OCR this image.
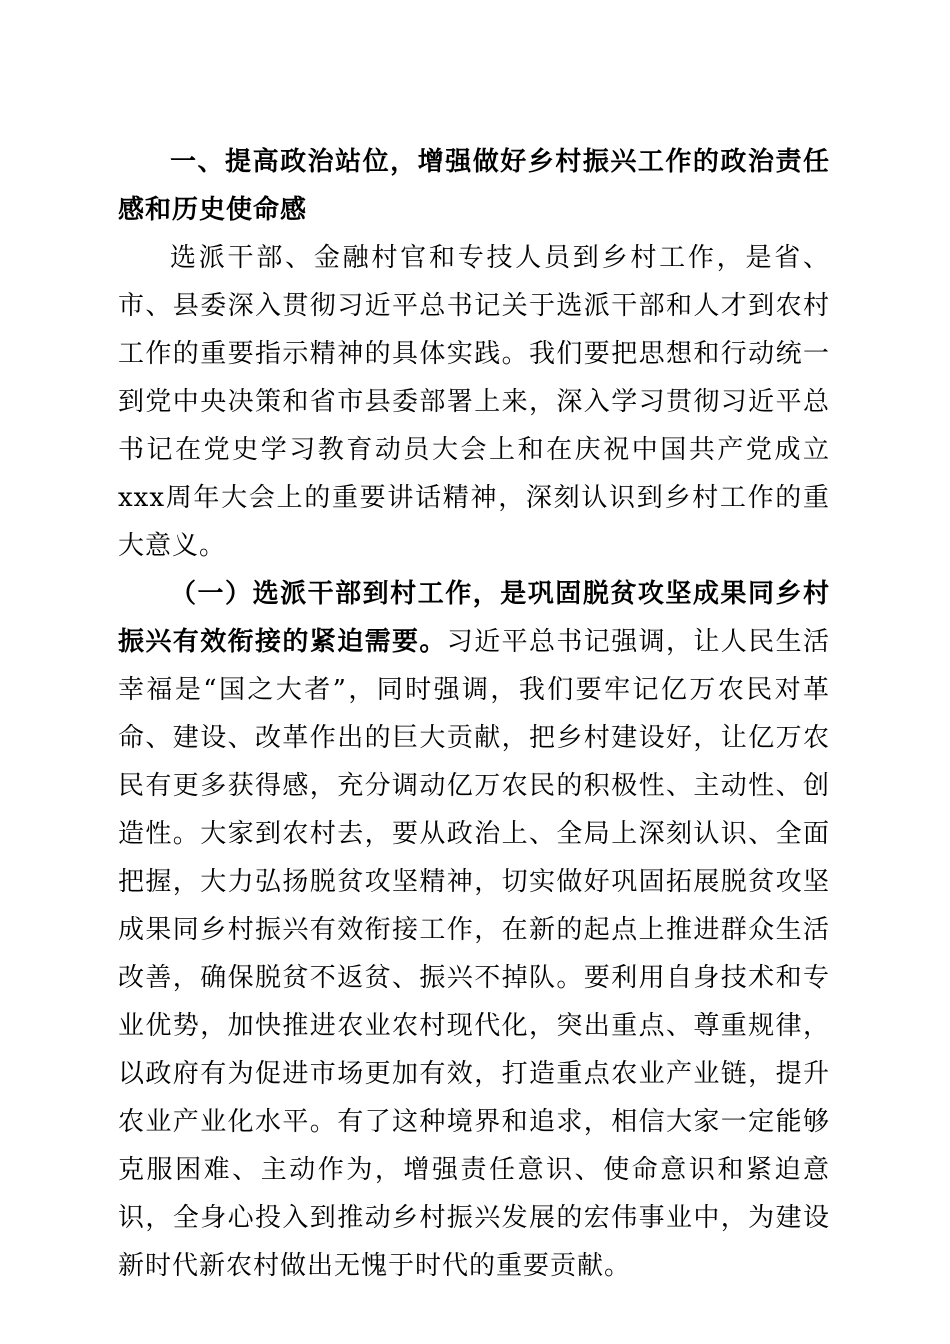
一、提高政治站位，增强做好乡村振兴工作的政治责任感和历史使命感

选派干部、金融村官和专技人员到乡村工作，是省、市、县委深入贯彻习近平总书记关于选派干部和人才到农村工作的重要指示精神的具体实践。我们要把思想和行动统一到党中央决策和省市县委部署上来，深入学习贯彻习近平总书记在党史学习教育动员大会上和在庆祝中国共产党成立xxx周年大会上的重要讲话精神，深刻认识到乡村工作的重大意义。

（一）选派干部到村工作，是巩固脱贫攻坚成果同乡村振兴有效衔接的紧迫需要。习近平总书记强调，让人民生活幸福是“国之大者”，同时强调，我们要牢记亿万农民对革命、建设、改革作出的巨大贡献，把乡村建设好，让亿万农民有更多获得感，充分调动亿万农民的积极性、主动性、创造性。大家到农村去，要从政治上、全局上深刻认识、全面把握，大力弘扬脱贫攻坚精神，切实做好巩固拓展脱贫攻坚成果同乡村振兴有效衔接工作，在新的起点上推进群众生活改善，确保脱贫不返贫、振兴不掉队。要利用自身技术和专业优势，加快推进农业农村现代化，突出重点、尊重规律，以政府有为促进市场更加有效，打造重点农业产业链，提升农业产业化水平。有了这种境界和追求，相信大家一定能够克服困难、主动作为，增强责任意识、使命意识和紧迫意识，全身心投入到推动乡村振兴发展的宏伟事业中，为建设新时代新农村做出无愧于时代的重要贡献。
